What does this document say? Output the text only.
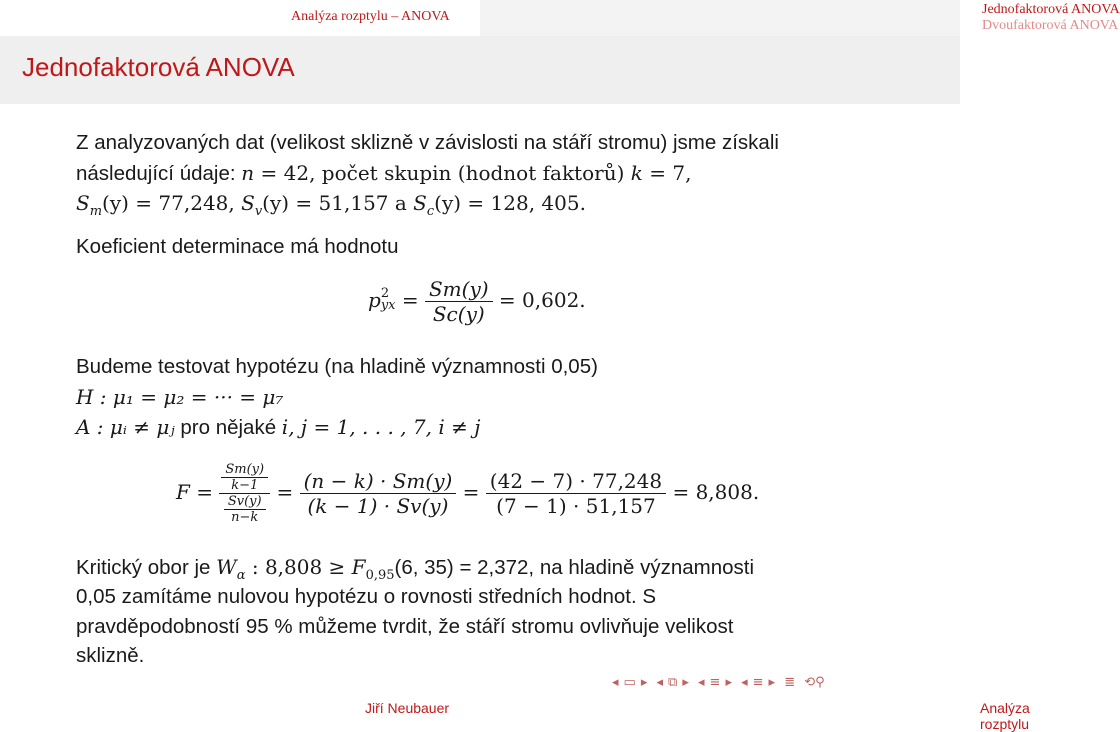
Analýza rozptylu – ANOVA	Jednofaktorová ANOVA
Dvoufaktorová ANOVA
Jednofaktorová ANOVA
Z analyzovaných dat (velikost sklizně v závislosti na stáří stromu) jsme získali
následující údaje: n = 42, počet skupin (hodnot faktorů) k = 7,
$S_m(y) = 77,248$, $S_v(y) = 51,157$ a $S_c(y) = 128$, 405.
Koeficient determinace má hodnotu
p 2
yx = $\frac{Sm(y)}{Sc(y)} = 0,602$.
Budeme testovat hypotézu (na hladině významnosti 0,05)
H : μ₁ = μ₂ = ··· = μ₇
A : μᵢ ≠ μⱼ pro nějaké i, j = 1, . . . , 7, i ≠ j
$F = \frac{\frac{Sm(y)}{k-1}}{\frac{Sv(y)}{n-k}} = \frac{(n - k) \cdot Sm(y)}{(k - 1) \cdot Sv(y)} = \frac{(42 - 7) \cdot 77,248}{(7 - 1) \cdot 51,157} = 8,808$.
Kritický obor je $W_\alpha$ : $8,808 \ge F_{0,95}(6$, 35) = 2,372, na hladině významnosti
0,05 zamítáme nulovou hypotézu o rovnosti středních hodnot. S
pravděpodobností 95 % můžeme tvrdit, že stáří stromu ovlivňuje velikost
sklizně.
◂ ▭ ▸ ◂ ⧉ ▸ ◂ ≡ ▸ ◂ ≡ ▸ ≣ ⟲⚲
Jiří Neubauer	Analýza rozptylu
